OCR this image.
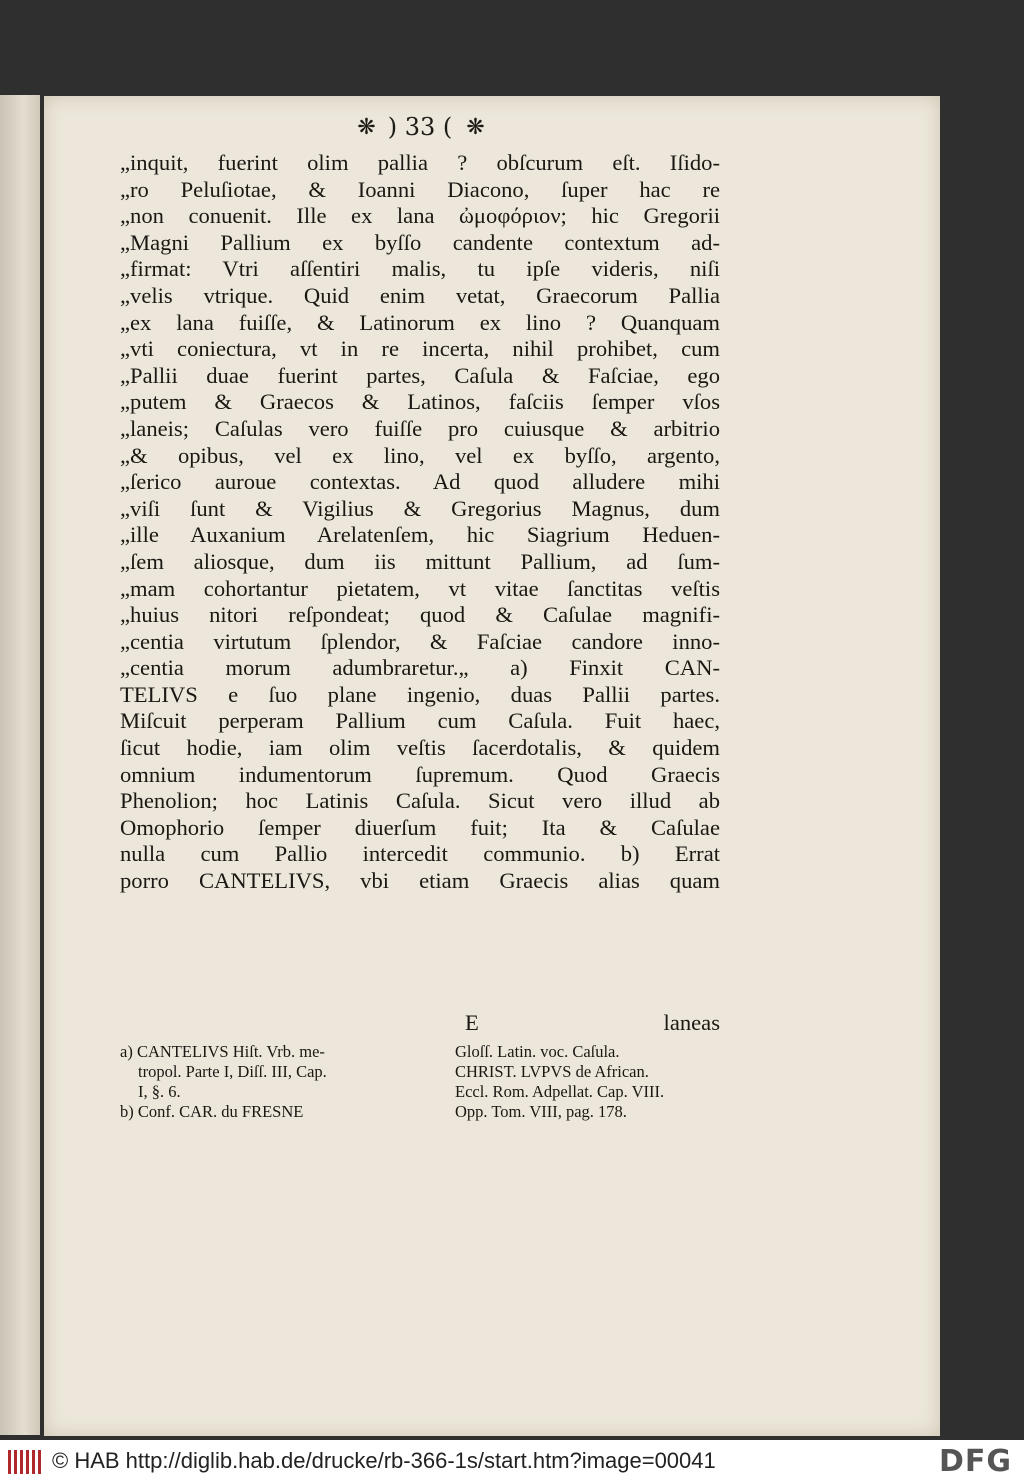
❋ ) 33 ( ❋
„inquit, fuerint olim pallia ? obſcurum eſt. Iſido-
„ro Peluſiotae, & Ioanni Diacono, ſuper hac re
„non conuenit. Ille ex lana ὠμοφόριον; hic Gregorii
„Magni Pallium ex byſſo candente contextum ad-
„firmat: Vtri aſſentiri malis, tu ipſe videris, niſi
„velis vtrique. Quid enim vetat, Graecorum Pallia
„ex lana fuiſſe, & Latinorum ex lino ? Quanquam
„vti coniectura, vt in re incerta, nihil prohibet, cum
„Pallii duae fuerint partes, Caſula & Faſciae, ego
„putem & Graecos & Latinos, faſciis ſemper vſos
„laneis; Caſulas vero fuiſſe pro cuiusque & arbitrio
„& opibus, vel ex lino, vel ex byſſo, argento,
„ſerico auroue contextas. Ad quod alludere mihi
„viſi ſunt & Vigilius & Gregorius Magnus, dum
„ille Auxanium Arelatenſem, hic Siagrium Heduen-
„ſem aliosque, dum iis mittunt Pallium, ad ſum-
„mam cohortantur pietatem, vt vitae ſanctitas veſtis
„huius nitori reſpondeat; quod & Caſulae magnifi-
„centia virtutum ſplendor, & Faſciae candore inno-
„centia morum adumbraretur.„ a) Finxit CAN-
TELIVS e ſuo plane ingenio, duas Pallii partes.
Miſcuit perperam Pallium cum Caſula. Fuit haec,
ſicut hodie, iam olim veſtis ſacerdotalis, & quidem
omnium indumentorum ſupremum. Quod Graecis
Phenolion; hoc Latinis Caſula. Sicut vero illud ab
Omophorio ſemper diuerſum fuit; Ita & Caſulae
nulla cum Pallio intercedit communio. b) Errat
porro CANTELIVS, vbi etiam Graecis alias quam
E	laneas
a) CANTELIVS Hiſt. Vrb. me-
tropol. Parte I, Diſſ. III, Cap.
I, §. 6.
b) Conf. CAR. du FRESNE
Gloſſ. Latin. voc. Caſula.
CHRIST. LVPVS de African.
Eccl. Rom. Adpellat. Cap. VIII.
Opp. Tom. VIII, pag. 178.
© HAB http://diglib.hab.de/drucke/rb-366-1s/start.htm?image=00041	DFG
